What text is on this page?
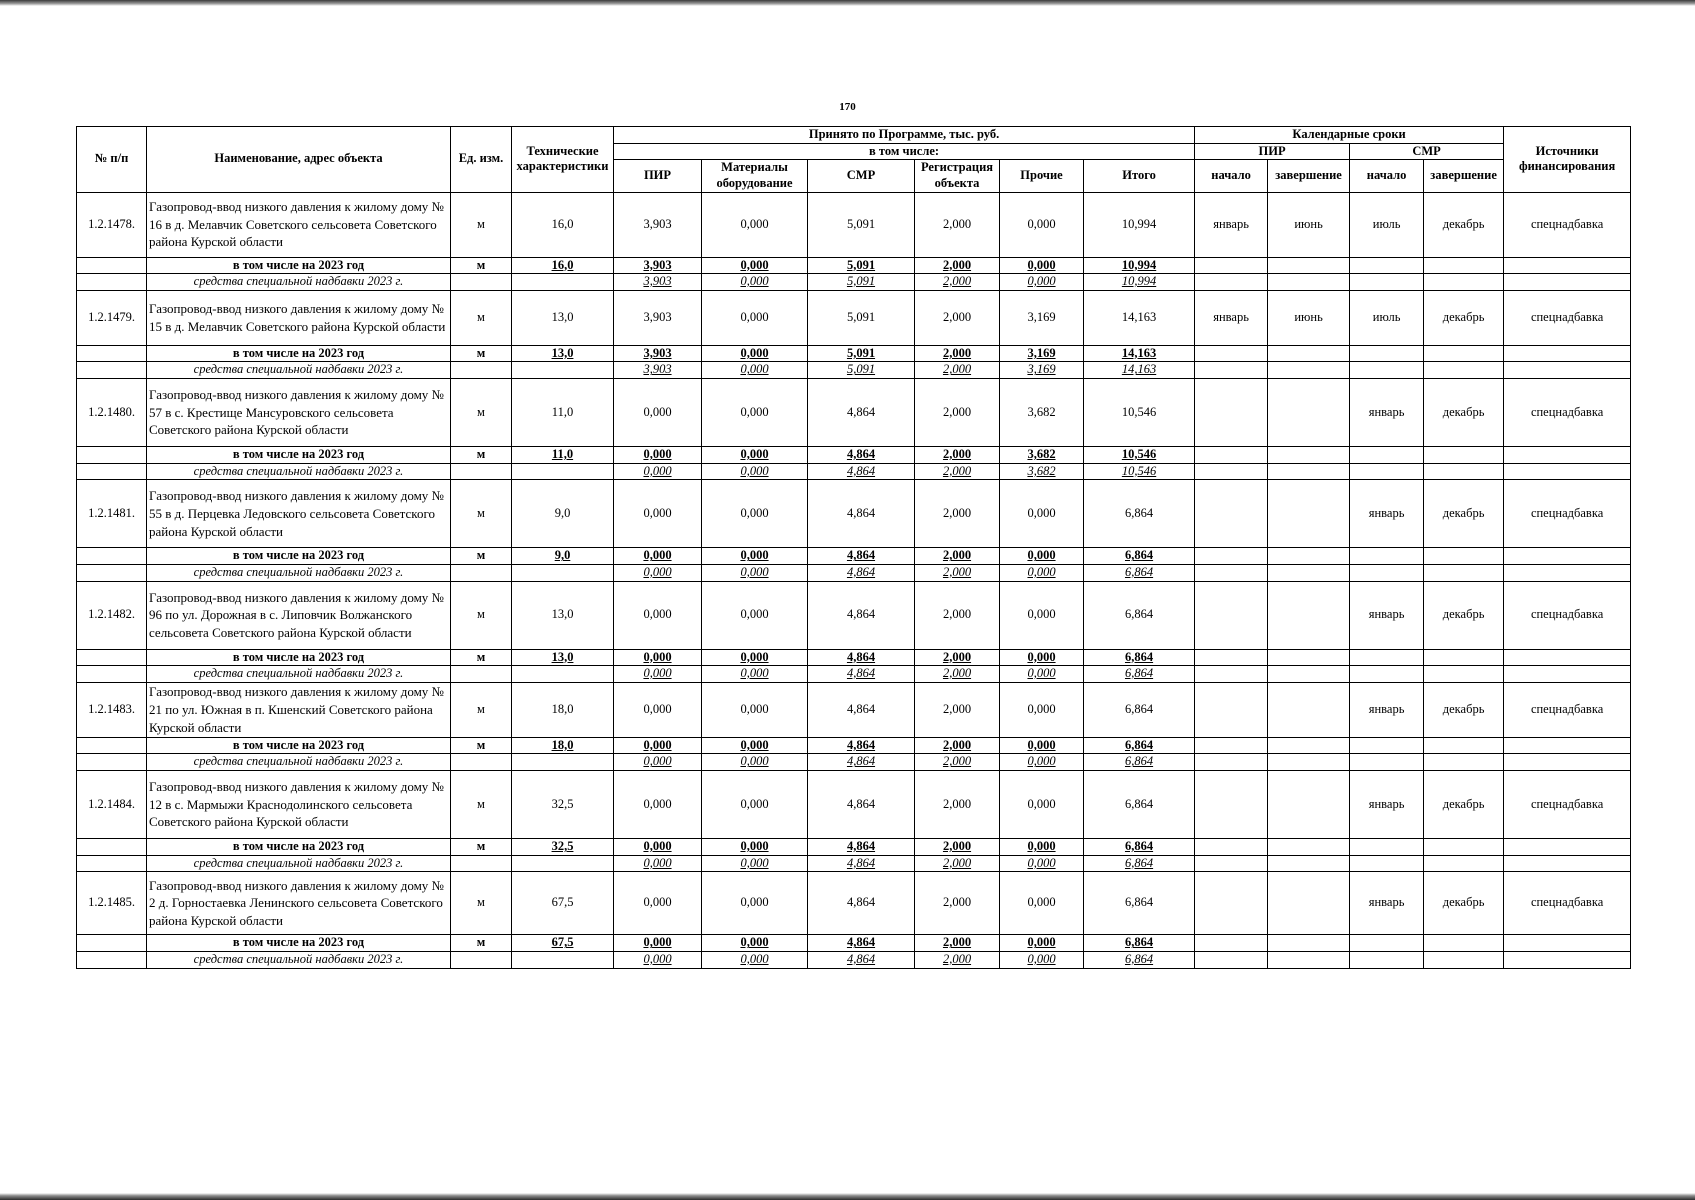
170
№ п/п	Наименование, адрес объекта	Ед. изм.	Технические характеристики	Принято по Программе, тыс. руб.						Календарные сроки				Источники финансирования
				в том числе:						ПИР		СМР		
				ПИР	Материалы оборудование	СМР	Регистрация объекта	Прочие	Итого	начало	завершение	начало	завершение	

1.2.1478.	Газопровод-ввод низкого давления к жилому дому № 16 в д. Мелавчик Советского сельсовета Советского района Курской области	м	16,0	3,903	0,000	5,091	2,000	0,000	10,994	январь	июнь	июль	декабрь	спецнадбавка
	в том числе на 2023 год	м	16,0	3,903	0,000	5,091	2,000	0,000	10,994					
	средства специальной надбавки 2023 г.			3,903	0,000	5,091	2,000	0,000	10,994					
1.2.1479.	Газопровод-ввод низкого давления к жилому дому № 15 в д. Мелавчик Советского района Курской области	м	13,0	3,903	0,000	5,091	2,000	3,169	14,163	январь	июнь	июль	декабрь	спецнадбавка
	в том числе на 2023 год	м	13,0	3,903	0,000	5,091	2,000	3,169	14,163					
	средства специальной надбавки 2023 г.			3,903	0,000	5,091	2,000	3,169	14,163					
1.2.1480.	Газопровод-ввод низкого давления к жилому дому № 57 в с. Крестище Мансуровского сельсовета Советского района Курской области	м	11,0	0,000	0,000	4,864	2,000	3,682	10,546			январь	декабрь	спецнадбавка
	в том числе на 2023 год	м	11,0	0,000	0,000	4,864	2,000	3,682	10,546					
	средства специальной надбавки 2023 г.			0,000	0,000	4,864	2,000	3,682	10,546					
1.2.1481.	Газопровод-ввод низкого давления к жилому дому № 55 в д. Перцевка Ледовского сельсовета Советского района Курской области	м	9,0	0,000	0,000	4,864	2,000	0,000	6,864			январь	декабрь	спецнадбавка
	в том числе на 2023 год	м	9,0	0,000	0,000	4,864	2,000	0,000	6,864					
	средства специальной надбавки 2023 г.			0,000	0,000	4,864	2,000	0,000	6,864					
1.2.1482.	Газопровод-ввод низкого давления к жилому дому № 96 по ул. Дорожная в с. Липовчик Волжанского сельсовета Советского района Курской области	м	13,0	0,000	0,000	4,864	2,000	0,000	6,864			январь	декабрь	спецнадбавка
	в том числе на 2023 год	м	13,0	0,000	0,000	4,864	2,000	0,000	6,864					
	средства специальной надбавки 2023 г.			0,000	0,000	4,864	2,000	0,000	6,864					
1.2.1483.	Газопровод-ввод низкого давления к жилому дому № 21 по ул. Южная в п. Кшенский Советского района Курской области	м	18,0	0,000	0,000	4,864	2,000	0,000	6,864			январь	декабрь	спецнадбавка
	в том числе на 2023 год	м	18,0	0,000	0,000	4,864	2,000	0,000	6,864					
	средства специальной надбавки 2023 г.			0,000	0,000	4,864	2,000	0,000	6,864					
1.2.1484.	Газопровод-ввод низкого давления к жилому дому № 12 в с. Мармыжи Краснодолинского сельсовета Советского района Курской области	м	32,5	0,000	0,000	4,864	2,000	0,000	6,864			январь	декабрь	спецнадбавка
	в том числе на 2023 год	м	32,5	0,000	0,000	4,864	2,000	0,000	6,864					
	средства специальной надбавки 2023 г.			0,000	0,000	4,864	2,000	0,000	6,864					
1.2.1485.	Газопровод-ввод низкого давления к жилому дому № 2 д. Горностаевка Ленинского сельсовета Советского района Курской области	м	67,5	0,000	0,000	4,864	2,000	0,000	6,864			январь	декабрь	спецнадбавка
	в том числе на 2023 год	м	67,5	0,000	0,000	4,864	2,000	0,000	6,864					
	средства специальной надбавки 2023 г.			0,000	0,000	4,864	2,000	0,000	6,864					
